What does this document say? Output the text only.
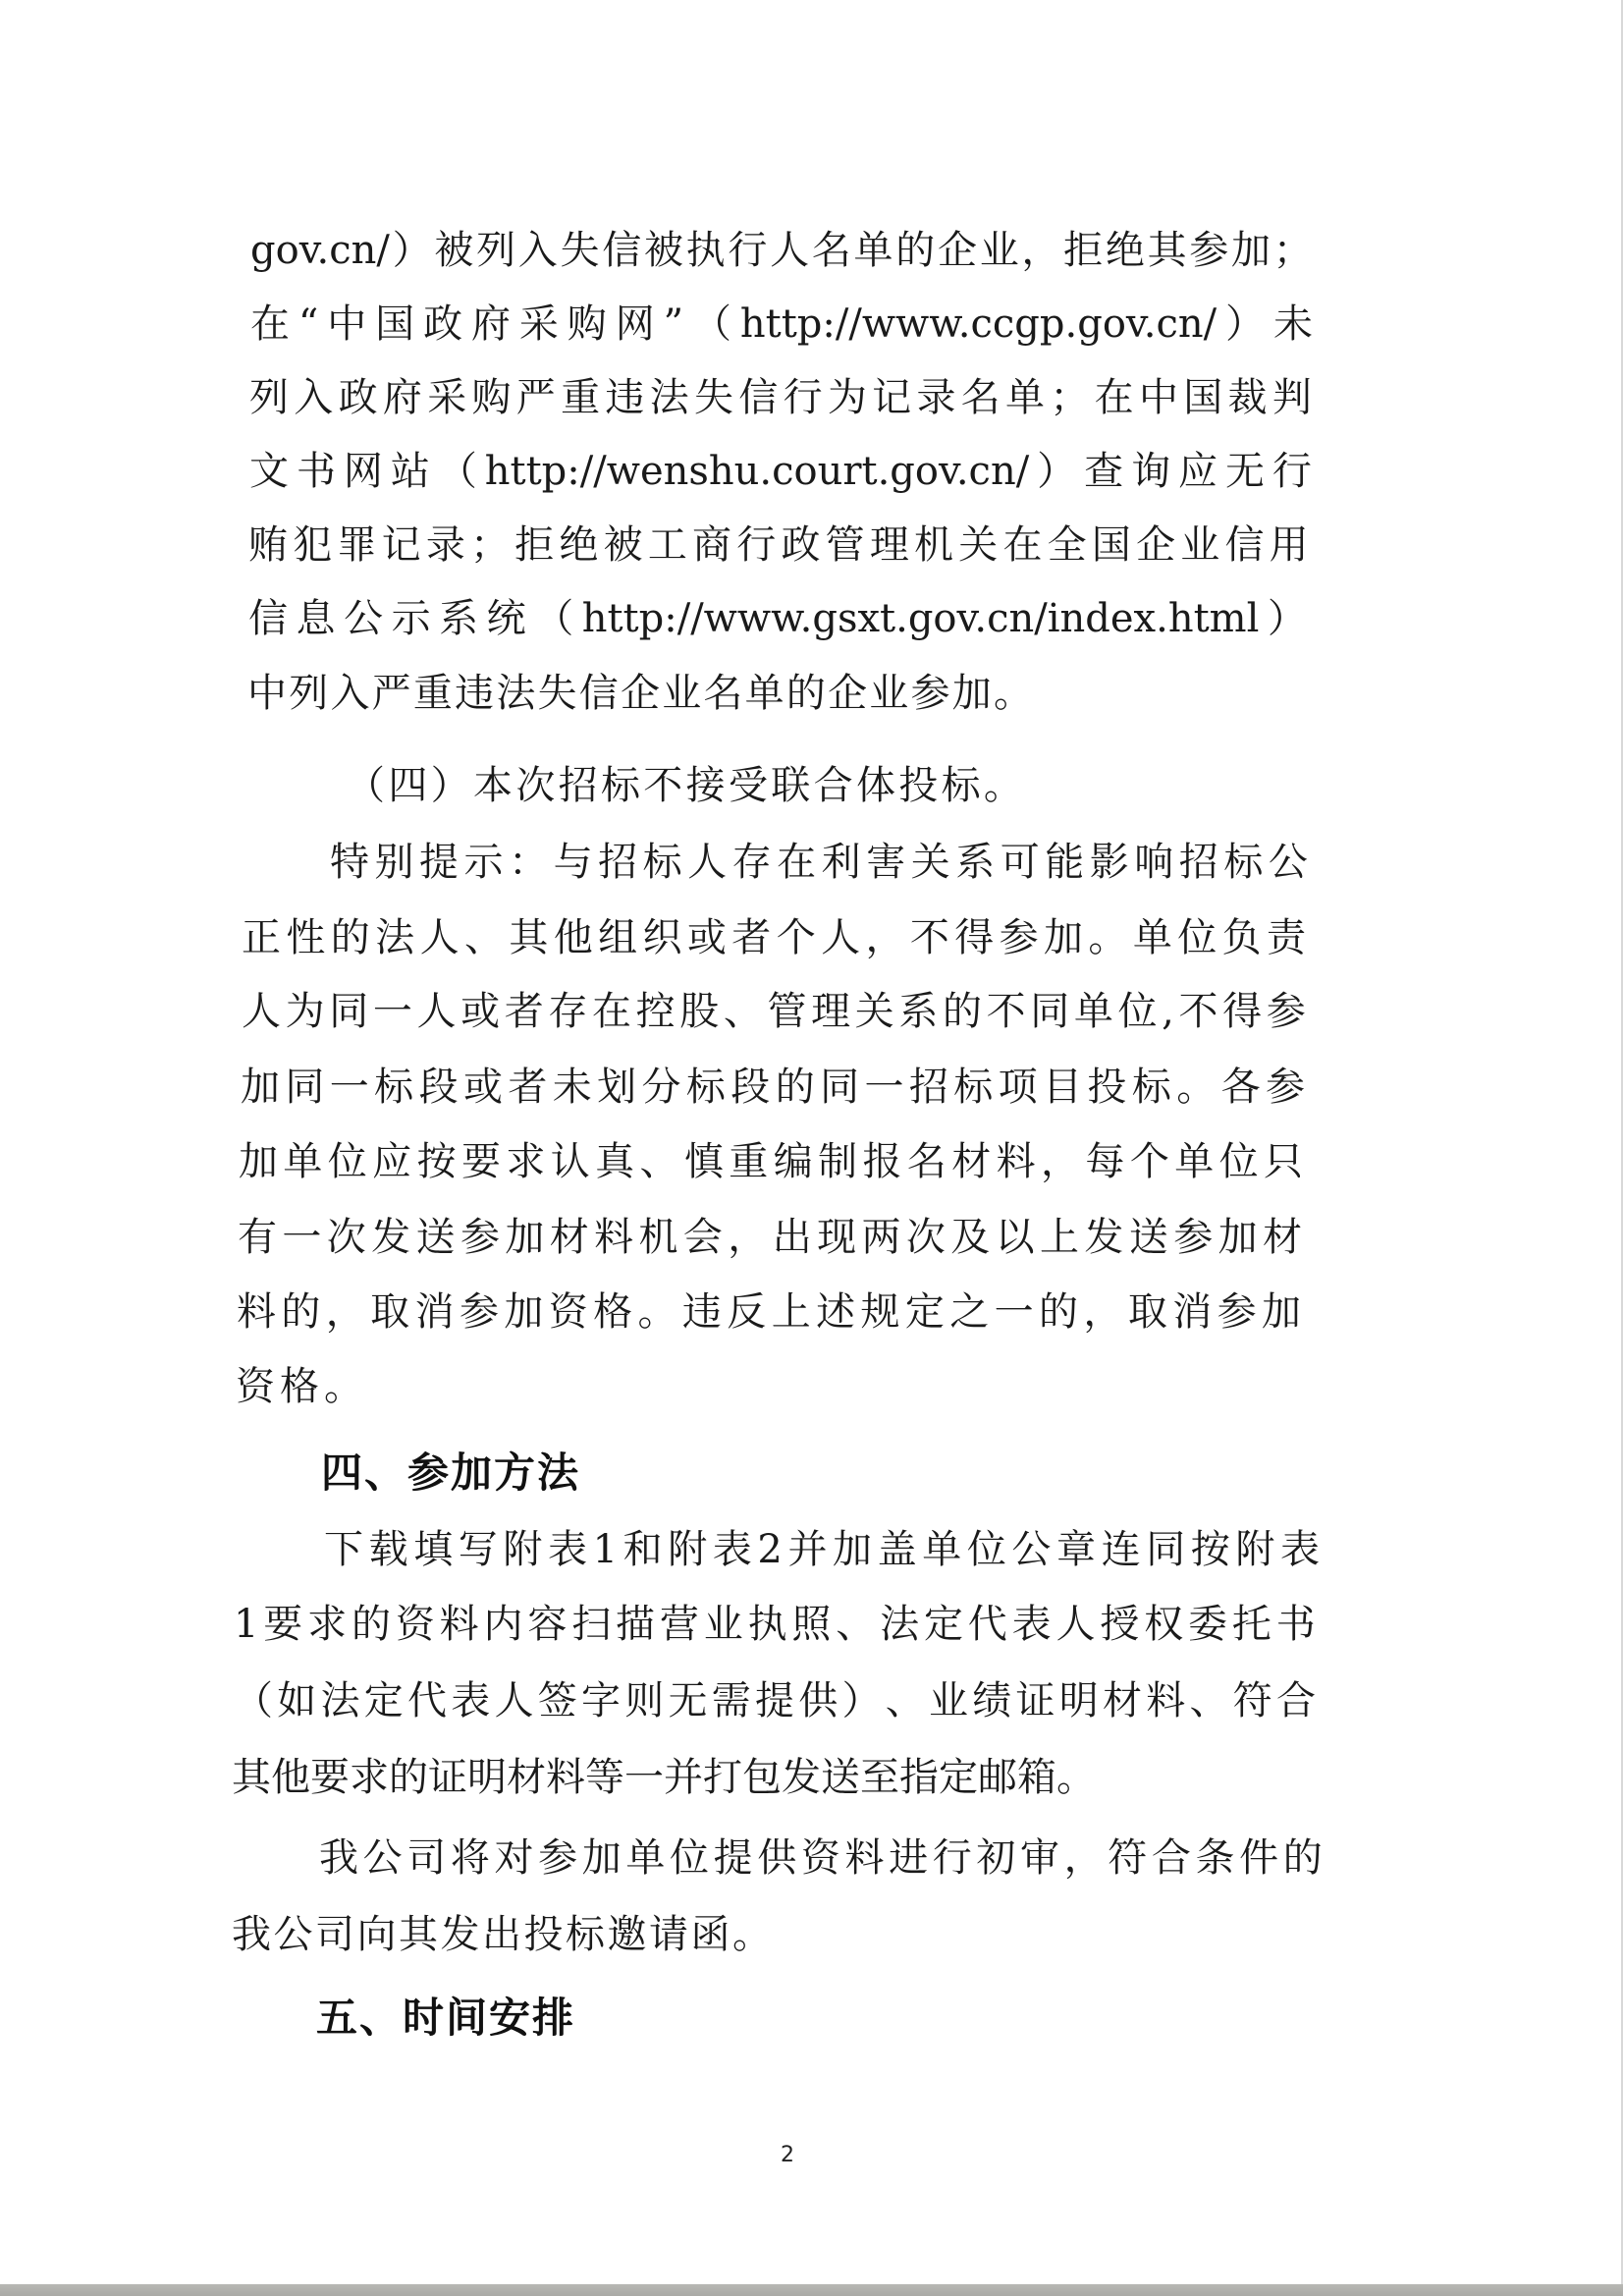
gov.cn/ ） 被 列 入 失 信 被 执 行 人 名 单 的 企 业 ， 拒 绝 其 参 加 ；
在 “ 中 国 政 府 采 购 网 ” （ http://www.ccgp.gov.cn/ ） 未
列 入 政 府 采 购 严 重 违 法 失 信 行 为 记 录 名 单 ； 在 中 国 裁 判
文 书 网 站 （ http://wenshu.court.gov.cn/ ） 查 询 应 无 行
贿 犯 罪 记 录 ； 拒 绝 被 工 商 行 政 管 理 机 关 在 全 国 企 业 信 用
信 息 公 示 系 统 （ http://www.gsxt.gov.cn/index.html ）
中 列 入 严 重 违 法 失 信 企 业 名 单 的 企 业 参 加 。
（ 四 ） 本 次 招 标 不 接 受 联 合 体 投 标 。
特 别 提 示 ： 与 招 标 人 存 在 利 害 关 系 可 能 影 响 招 标 公
正 性 的 法 人 、 其 他 组 织 或 者 个 人 ， 不 得 参 加 。 单 位 负 责
人 为 同 一 人 或 者 存 在 控 股 、 管 理 关 系 的 不 同 单 位 , 不 得 参
加 同 一 标 段 或 者 未 划 分 标 段 的 同 一 招 标 项 目 投 标 。 各 参
加 单 位 应 按 要 求 认 真 、 慎 重 编 制 报 名 材 料 ， 每 个 单 位 只
有 一 次 发 送 参 加 材 料 机 会 ， 出 现 两 次 及 以 上 发 送 参 加 材
料 的 ， 取 消 参 加 资 格 。 违 反 上 述 规 定 之 一 的 ， 取 消 参 加
资 格 。
四、参加方法
下 载 填 写 附 表 1 和 附 表 2 并 加 盖 单 位 公 章 连 同 按 附 表
1 要 求 的 资 料 内 容 扫 描 营 业 执 照 、 法 定 代 表 人 授 权 委 托 书
（ 如 法 定 代 表 人 签 字 则 无 需 提 供 ） 、 业 绩 证 明 材 料 、 符 合
其 他 要 求 的 证 明 材 料 等 一 并 打 包 发 送 至 指 定 邮 箱 。
我 公 司 将 对 参 加 单 位 提 供 资 料 进 行 初 审 ， 符 合 条 件 的
我 公 司 向 其 发 出 投 标 邀 请 函 。
五、时间安排
2
